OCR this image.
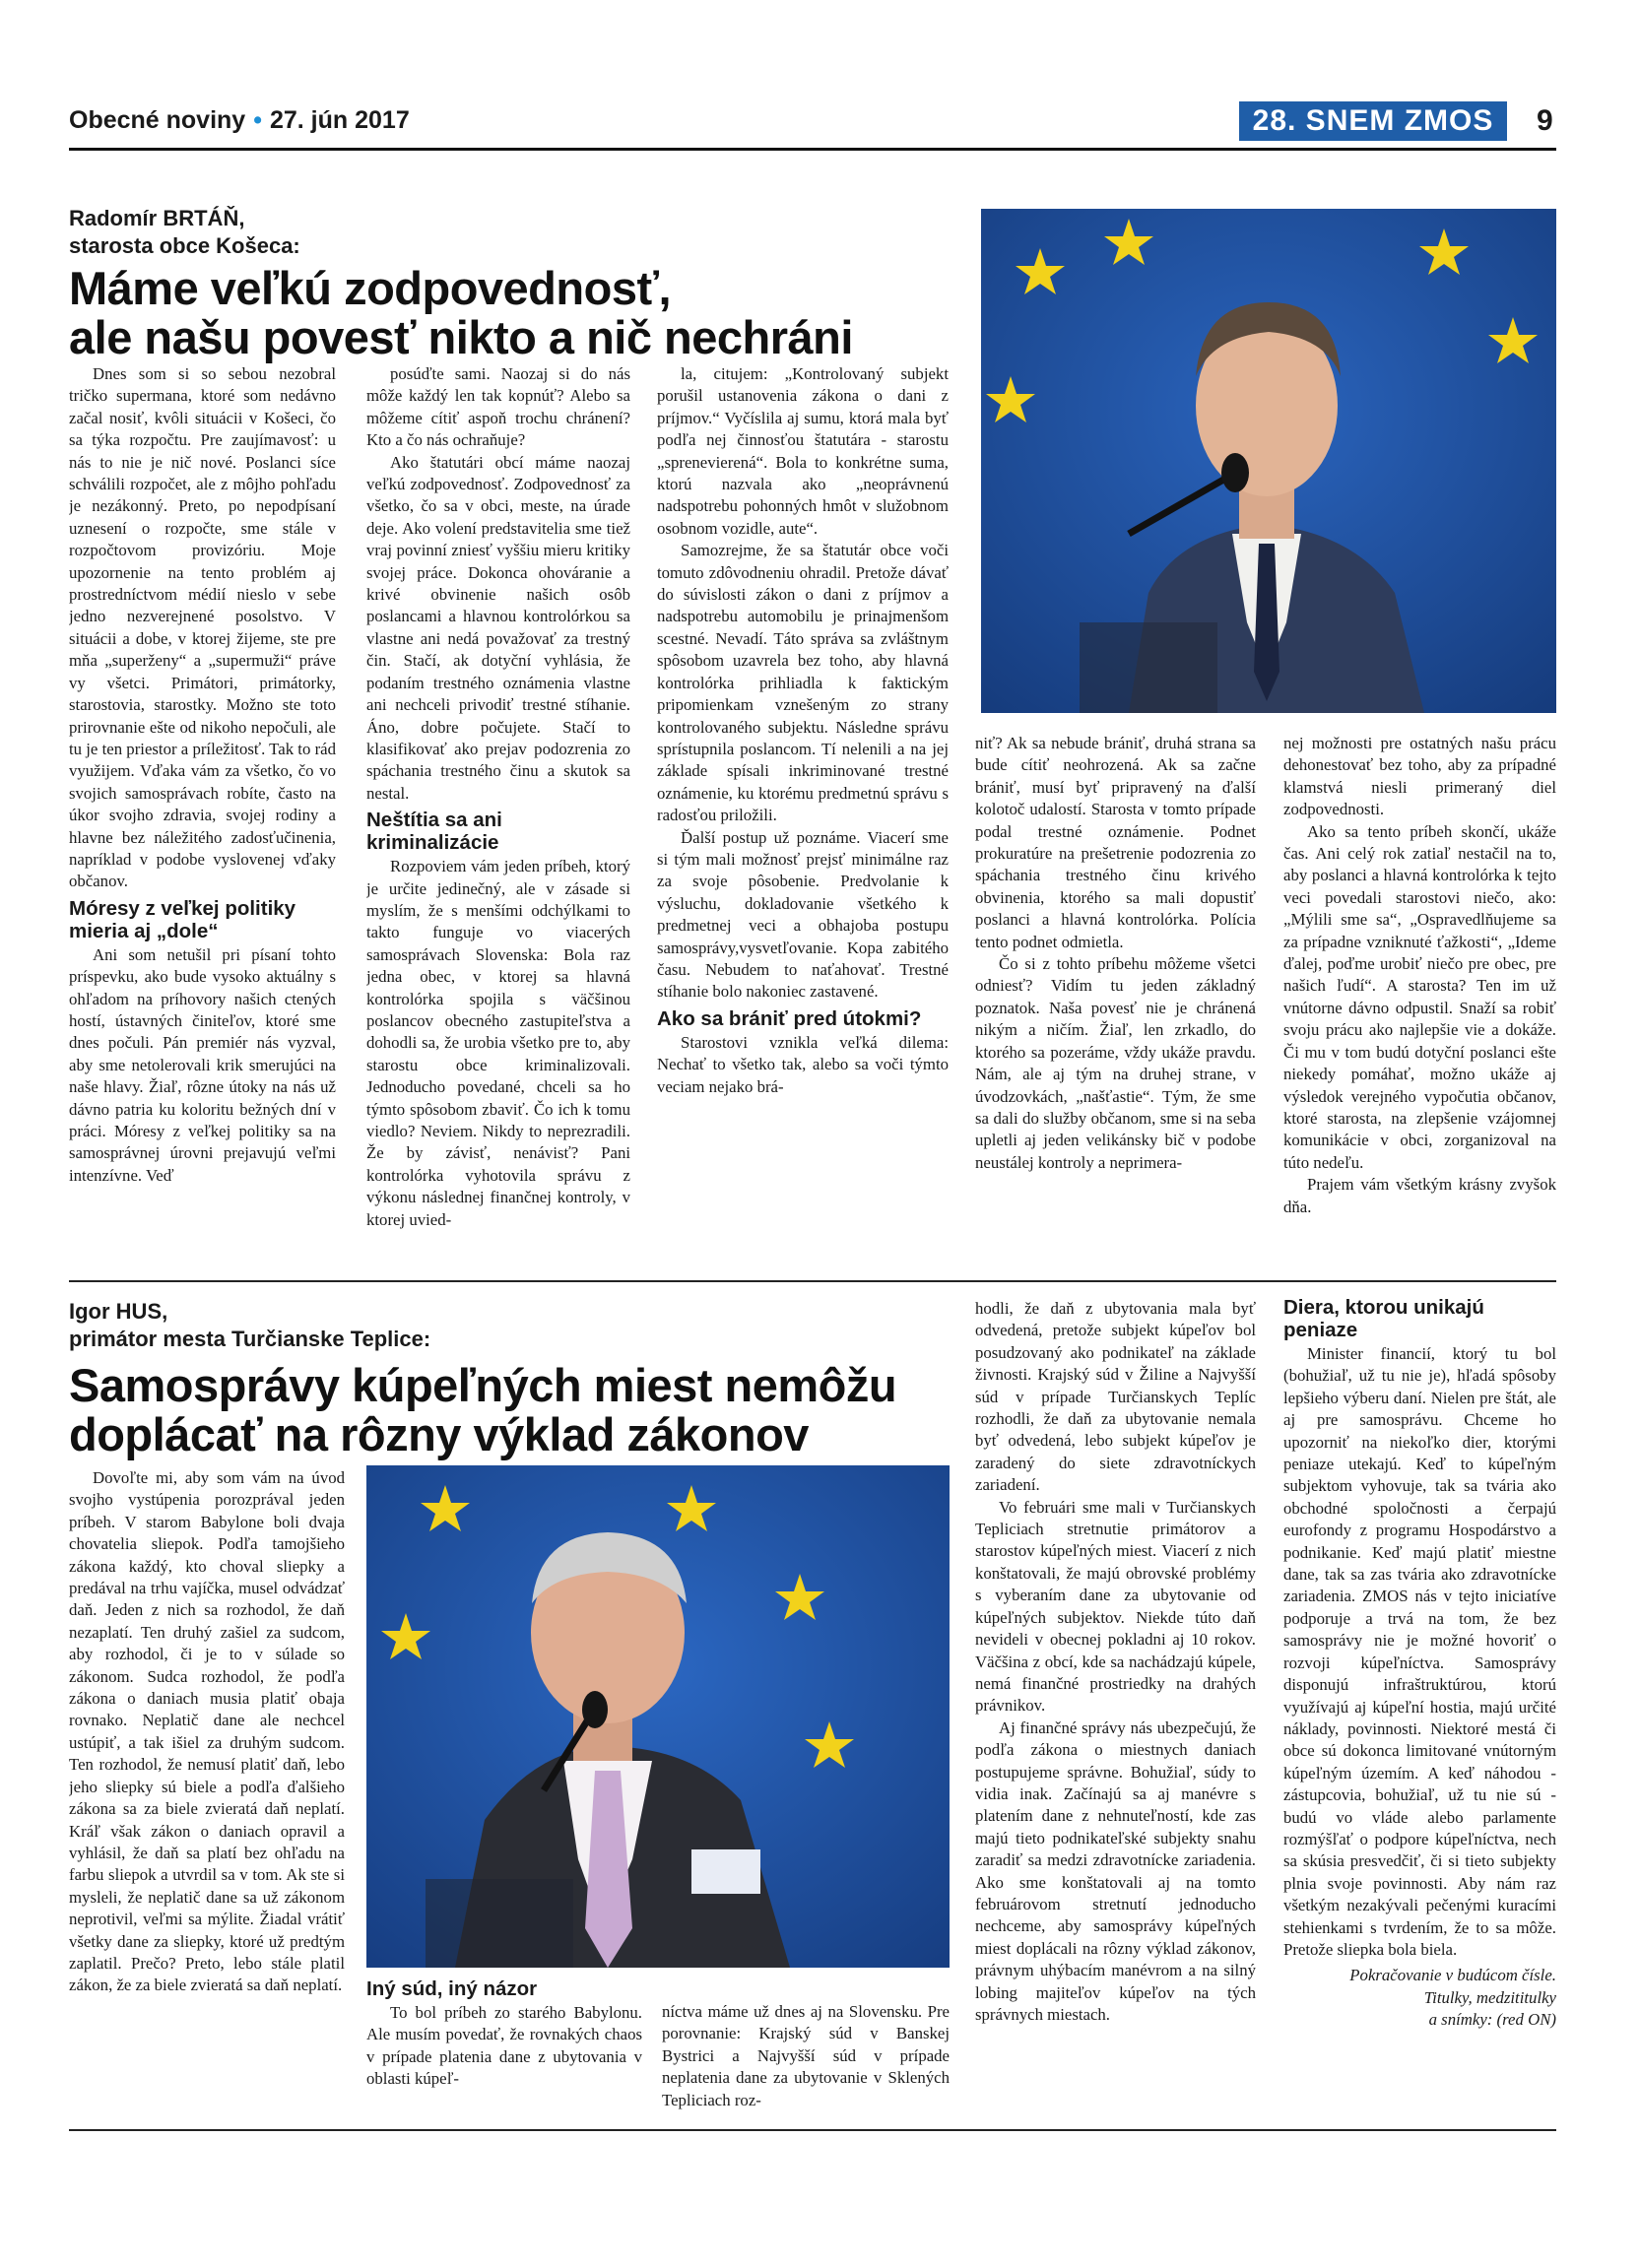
Obecné noviny • 27. jún 2017	28. SNEM ZMOS	9
Radomír BRTÁŇ,
starosta obce Košeca:
Máme veľkú zodpovednosť,
ale našu povesť nikto a nič nechráni

Dnes som si so sebou nezobral tričko supermana, ktoré som nedávno začal nosiť, kvôli situácii v Košeci, čo sa týka rozpočtu. Pre zaujímavosť: u nás to nie je nič nové. Poslanci síce schválili rozpočet, ale z môjho pohľadu je nezákonný. Preto, po nepodpísaní uznesení o rozpočte, sme stále v rozpočtovom provizóriu. Moje upozornenie na tento problém aj prostredníctvom médií nieslo v sebe jedno nezverejnené posolstvo. V situácii a dobe, v ktorej žijeme, ste pre mňa „superženy“ a „supermuži“ práve vy všetci. Primátori, primátorky, starostovia, starostky. Možno ste toto prirovnanie ešte od nikoho nepočuli, ale tu je ten priestor a príležitosť. Tak to rád využijem. Vďaka vám za všetko, čo vo svojich samosprávach robíte, často na úkor svojho zdravia, svojej rodiny a hlavne bez náležitého zadosťučinenia, napríklad v podobe vyslovenej vďaky občanov.

Móresy z veľkej politiky mieria aj „dole“

Ani som netušil pri písaní tohto príspevku, ako bude vysoko aktuálny s ohľadom na príhovory našich ctených hostí, ústavných činiteľov, ktoré sme dnes počuli. Pán premiér nás vyzval, aby sme netolerovali krik smerujúci na naše hlavy. Žiaľ, rôzne útoky na nás už dávno patria ku koloritu bežných dní v práci. Móresy z veľkej politiky sa na samosprávnej úrovni prejavujú veľmi intenzívne. Veď

posúďte sami. Naozaj si do nás môže každý len tak kopnúť? Alebo sa môžeme cítiť aspoň trochu chránení? Kto a čo nás ochraňuje?

Ako štatutári obcí máme naozaj veľkú zodpovednosť. Zodpovednosť za všetko, čo sa v obci, meste, na úrade deje. Ako volení predstavitelia sme tiež vraj povinní zniesť vyššiu mieru kritiky svojej práce. Dokonca ohováranie a krivé obvinenie našich osôb poslancami a hlavnou kontrolórkou sa vlastne ani nedá považovať za trestný čin. Stačí, ak dotyční vyhlásia, že podaním trestného oznámenia vlastne ani nechceli privodiť trestné stíhanie. Áno, dobre počujete. Stačí to klasifikovať ako prejav podozrenia zo spáchania trestného činu a skutok sa nestal.

Neštítia sa ani kriminalizácie

Rozpoviem vám jeden príbeh, ktorý je určite jedinečný, ale v zásade si myslím, že s menšími odchýlkami to takto funguje vo viacerých samosprávach Slovenska: Bola raz jedna obec, v ktorej sa hlavná kontrolórka spojila s väčšinou poslancov obecného zastupiteľstva a dohodli sa, že urobia všetko pre to, aby starostu obce kriminalizovali. Jednoducho povedané, chceli sa ho týmto spôsobom zbaviť. Čo ich k tomu viedlo? Neviem. Nikdy to neprezradili. Že by závisť, nenávisť? Pani kontrolórka vyhotovila správu z výkonu následnej finančnej kontroly, v ktorej uvied-

la, citujem: „Kontrolovaný subjekt porušil ustanovenia zákona o dani z príjmov.“ Vyčíslila aj sumu, ktorá mala byť podľa nej činnosťou štatutára - starostu „sprenevierená“. Bola to konkrétne suma, ktorú nazvala ako „neoprávnenú nadspotrebu pohonných hmôt v služobnom osobnom vozidle, aute“.

Samozrejme, že sa štatutár obce voči tomuto zdôvodneniu ohradil. Pretože dávať do súvislosti zákon o dani z príjmov a nadspotrebu automobilu je prinajmenšom scestné. Nevadí. Táto správa sa zvláštnym spôsobom uzavrela bez toho, aby hlavná kontrolórka prihliadla k faktickým pripomienkam vznešeným zo strany kontrolovaného subjektu. Následne správu sprístupnila poslancom. Tí nelenili a na jej základe spísali inkriminované trestné oznámenie, ku ktorému predmetnú správu s radosťou priložili.

Ďalší postup už poznáme. Viacerí sme si tým mali možnosť prejsť minimálne raz za svoje pôsobenie. Predvolanie k výsluchu, dokladovanie všetkého k predmetnej veci a obhajoba postupu samosprávy,vysvetľovanie. Kopa zabitého času. Nebudem to naťahovať. Trestné stíhanie bolo nakoniec zastavené.

Ako sa brániť pred útokmi?

Starostovi vznikla veľká dilema: Nechať to všetko tak, alebo sa voči týmto veciam nejako brá-

niť? Ak sa nebude brániť, druhá strana sa bude cítiť neohrozená. Ak sa začne brániť, musí byť pripravený na ďalší kolotoč udalostí. Starosta v tomto prípade podal trestné oznámenie. Podnet prokuratúre na prešetrenie podozrenia zo spáchania trestného činu krivého obvinenia, ktorého sa mali dopustiť poslanci a hlavná kontrolórka. Polícia tento podnet odmietla.

Čo si z tohto príbehu môžeme všetci odniesť? Vidím tu jeden základný poznatok. Naša povesť nie je chránená nikým a ničím. Žiaľ, len zrkadlo, do ktorého sa pozeráme, vždy ukáže pravdu. Nám, ale aj tým na druhej strane, v úvodzovkách, „našťastie“. Tým, že sme sa dali do služby občanom, sme si na seba upletli aj jeden velikánsky bič v podobe neustálej kontroly a neprimera-

nej možnosti pre ostatných našu prácu dehonestovať bez toho, aby za prípadné klamstvá niesli primeraný diel zodpovednosti.

Ako sa tento príbeh skončí, ukáže čas. Ani celý rok zatiaľ nestačil na to, aby poslanci a hlavná kontrolórka k tejto veci povedali starostovi niečo, ako: „Mýlili sme sa“, „Ospravedlňujeme sa za prípadne vzniknuté ťažkosti“, „Ideme ďalej, poďme urobiť niečo pre obec, pre našich ľudí“. A starosta? Ten im už vnútorne dávno odpustil. Snaží sa robiť svoju prácu ako najlepšie vie a dokáže. Či mu v tom budú dotyční poslanci ešte niekedy pomáhať, možno ukáže aj výsledok verejného vypočutia občanov, ktoré starosta, na zlepšenie vzájomnej komunikácie v obci, zorganizoval na túto nedeľu.

Prajem vám všetkým krásny zvyšok dňa.

Igor HUS,
primátor mesta Turčianske Teplice:
Samosprávy kúpeľných miest nemôžu
doplácať na rôzny výklad zákonov

Dovoľte mi, aby som vám na úvod svojho vystúpenia porozprával jeden príbeh. V starom Babylone boli dvaja chovatelia sliepok. Podľa tamojšieho zákona každý, kto choval sliepky a predával na trhu vajíčka, musel odvádzať daň. Jeden z nich sa rozhodol, že daň nezaplatí. Ten druhý zašiel za sudcom, aby rozhodol, či je to v súlade so zákonom. Sudca rozhodol, že podľa zákona o daniach musia platiť obaja rovnako. Neplatič dane ale nechcel ustúpiť, a tak išiel za druhým sudcom. Ten rozhodol, že nemusí platiť daň, lebo jeho sliepky sú biele a podľa ďalšieho zákona sa za biele zvieratá daň neplatí. Kráľ však zákon o daniach opravil a vyhlásil, že daň sa platí bez ohľadu na farbu sliepok a utvrdil sa v tom. Ak ste si mysleli, že neplatič dane sa už zákonom neprotivil, veľmi sa mýlite. Žiadal vrátiť všetky dane za sliepky, ktoré už predtým zaplatil. Prečo? Preto, lebo stále platil zákon, že za biele zvieratá sa daň neplatí. Iný súd, iný názor

To bol príbeh zo starého Babylonu. Ale musím povedať, že rovnakých chaos v prípade platenia dane z ubytovania v oblasti kúpeľ-

níctva máme už dnes aj na Slovensku. Pre porovnanie: Krajský súd v Banskej Bystrici a Najvyšší súd v prípade neplatenia dane za ubytovanie v Sklených Tepliciach roz-

hodli, že daň z ubytovania mala byť odvedená, pretože subjekt kúpeľov bol posudzovaný ako podnikateľ na základe živnosti. Krajský súd v Žiline a Najvyšší súd v prípade Turčianskych Teplíc rozhodli, že daň za ubytovanie nemala byť odvedená, lebo subjekt kúpeľov je zaradený do siete zdravotníckych zariadení.

Vo februári sme mali v Turčianskych Tepliciach stretnutie primátorov a starostov kúpeľných miest. Viacerí z nich konštatovali, že majú obrovské problémy s vyberaním dane za ubytovanie od kúpeľných subjektov. Niekde túto daň nevideli v obecnej pokladni aj 10 rokov. Väčšina z obcí, kde sa nachádzajú kúpele, nemá finančné prostriedky na drahých právnikov.

Aj finančné správy nás ubezpečujú, že podľa zákona o miestnych daniach postupujeme správne. Bohužiaľ, súdy to vidia inak. Začínajú sa aj manévre s platením dane z nehnuteľností, kde zas majú tieto podnikateľské subjekty snahu zaradiť sa medzi zdravotnícke zariadenia. Ako sme konštatovali aj na tomto februárovom stretnutí jednoducho nechceme, aby samosprávy kúpeľných miest doplácali na rôzny výklad zákonov, právnym uhýbacím manévrom a na silný lobing majiteľov kúpeľov na tých správnych miestach.

Diera, ktorou unikajú peniaze

Minister financií, ktorý tu bol (bohužiaľ, už tu nie je), hľadá spôsoby lepšieho výberu daní. Nielen pre štát, ale aj pre samosprávu. Chceme ho upozorniť na niekoľko dier, ktorými peniaze utekajú. Keď to kúpeľným subjektom vyhovuje, tak sa tvária ako obchodné spoločnosti a čerpajú eurofondy z programu Hospodárstvo a podnikanie. Keď majú platiť miestne dane, tak sa zas tvária ako zdravotnícke zariadenia. ZMOS nás v tejto iniciatíve podporuje a trvá na tom, že bez samosprávy nie je možné hovoriť o rozvoji kúpeľníctva. Samosprávy disponujú infraštruktúrou, ktorú využívajú aj kúpeľní hostia, majú určité náklady, povinnosti. Niektoré mestá či obce sú dokonca limitované vnútorným kúpeľným územím. A keď náhodou - zástupcovia, bohužiaľ, už tu nie sú - budú vo vláde alebo parlamente rozmýšľať o podpore kúpeľníctva, nech sa skúsia presvedčiť, či si tieto subjekty plnia svoje povinnosti. Aby nám raz všetkým nezakývali pečenými kuracími stehienkami s tvrdením, že to sa môže. Pretože sliepka bola biela.

Pokračovanie v budúcom čísle.

Titulky, medzititulky

a snímky: (red ON)
